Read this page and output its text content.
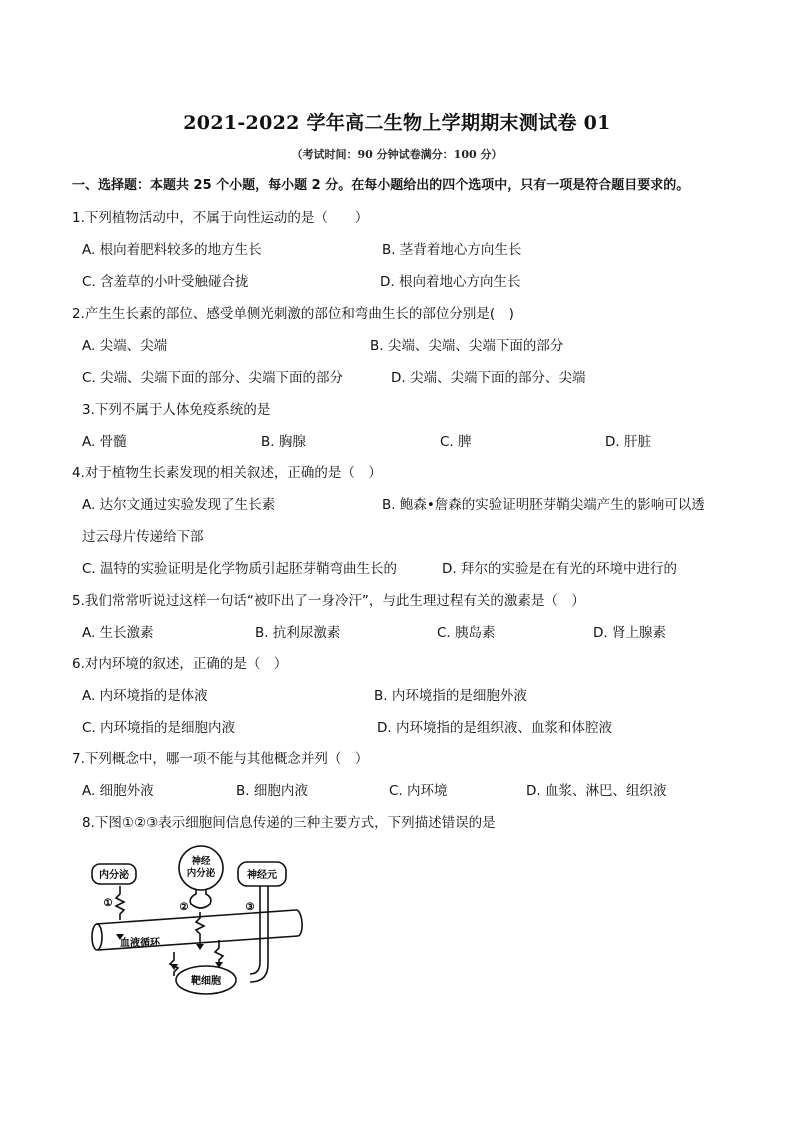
2021-2022 学年高二生物上学期期末测试卷 01
（考试时间：90 分钟试卷满分：100 分）
一、选择题：本题共 25 个小题，每小题 2 分。在每小题给出的四个选项中，只有一项是符合题目要求的。
1.下列植物活动中，不属于向性运动的是（　　）
A. 根向着肥料较多的地方生长	B. 茎背着地心方向生长
C. 含羞草的小叶受触碰合拢	D. 根向着地心方向生长
2.产生生长素的部位、感受单侧光刺激的部位和弯曲生长的部位分别是(　)
A. 尖端、尖端	B. 尖端、尖端、尖端下面的部分
C. 尖端、尖端下面的部分、尖端下面的部分	D. 尖端、尖端下面的部分、尖端
3.下列不属于人体免疫系统的是
A. 骨髓	B. 胸腺	C. 脾	D. 肝脏
4.对于植物生长素发现的相关叙述，正确的是（　）
A. 达尔文通过实验发现了生长素	B. 鲍森•詹森的实验证明胚芽鞘尖端产生的影响可以透
过云母片传递给下部
C. 温特的实验证明是化学物质引起胚芽鞘弯曲生长的	D. 拜尔的实验是在有光的环境中进行的
5.我们常常听说过这样一句话“被吓出了一身冷汗”，与此生理过程有关的激素是（　）
A. 生长激素	B. 抗利尿激素	C. 胰岛素	D. 肾上腺素
6.对内环境的叙述，正确的是（　）
A. 内环境指的是体液	B. 内环境指的是细胞外液
C. 内环境指的是细胞内液	D. 内环境指的是组织液、血浆和体腔液
7.下列概念中，哪一项不能与其他概念并列（　）
A. 细胞外液	B. 细胞内液	C. 内环境	D. 血浆、淋巴、组织液
8.下图①②③表示细胞间信息传递的三种主要方式，下列描述错误的是
内分泌
神经
内分泌	神经元
血液循环
靶细胞
①	②	③
